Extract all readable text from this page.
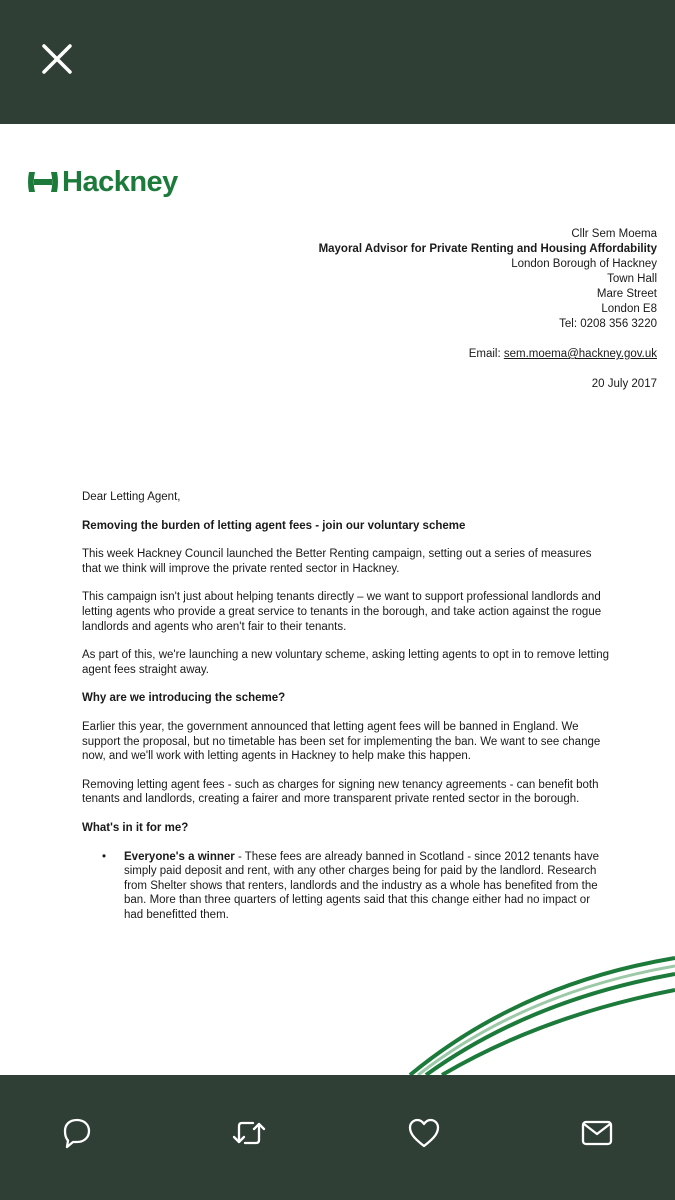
Hackney
Cllr Sem Moema
Mayoral Advisor for Private Renting and Housing Affordability
London Borough of Hackney
Town Hall
Mare Street
London E8
Tel: 0208 356 3220
Email: sem.moema@hackney.gov.uk
20 July 2017

Dear Letting Agent,

Removing the burden of letting agent fees - join our voluntary scheme

This week Hackney Council launched the Better Renting campaign, setting out a series of measures that we think will improve the private rented sector in Hackney.

This campaign isn't just about helping tenants directly – we want to support professional landlords and letting agents who provide a great service to tenants in the borough, and take action against the rogue landlords and agents who aren't fair to their tenants.

As part of this, we're launching a new voluntary scheme, asking letting agents to opt in to remove letting agent fees straight away.

Why are we introducing the scheme?

Earlier this year, the government announced that letting agent fees will be banned in England. We support the proposal, but no timetable has been set for implementing the ban. We want to see change now, and we'll work with letting agents in Hackney to help make this happen.

Removing letting agent fees - such as charges for signing new tenancy agreements - can benefit both tenants and landlords, creating a fairer and more transparent private rented sector in the borough.

What's in it for me?

• Everyone's a winner - These fees are already banned in Scotland - since 2012 tenants have simply paid deposit and rent, with any other charges being for paid by the landlord. Research from Shelter shows that renters, landlords and the industry as a whole has benefited from the ban. More than three quarters of letting agents said that this change either had no impact or had benefitted them.
